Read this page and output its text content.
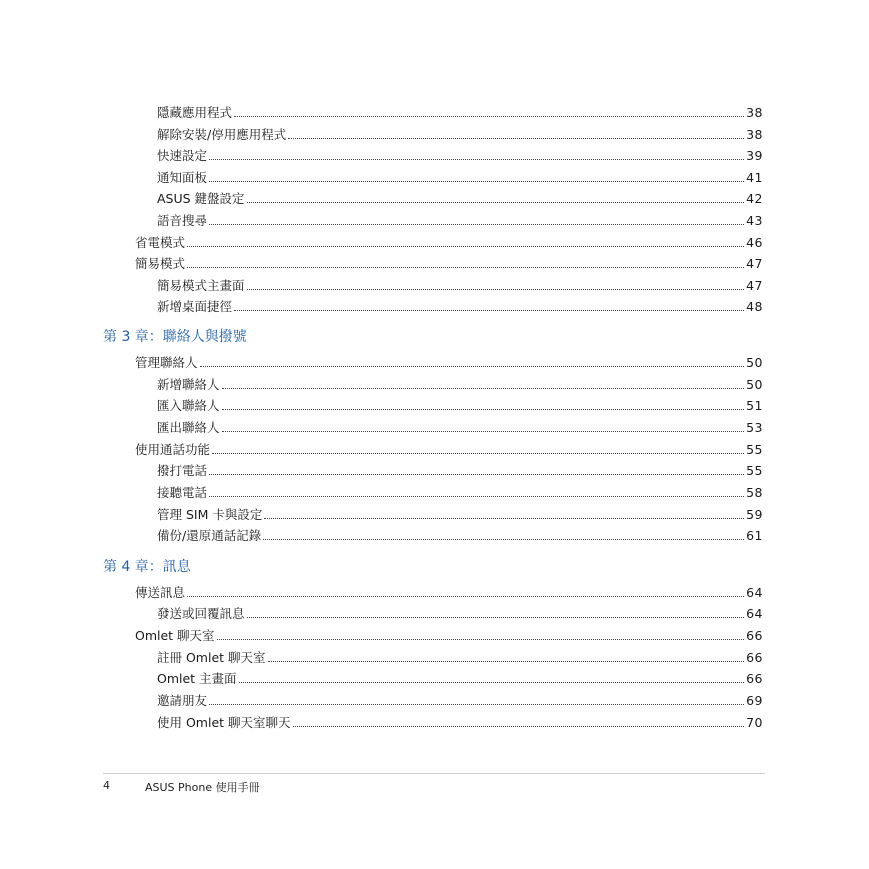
隱藏應用程式	38
解除安裝/停用應用程式	38
快速設定	39
通知面板	41
ASUS 鍵盤設定	42
語音搜尋	43
省電模式	46
簡易模式	47
簡易模式主畫面	47
新增桌面捷徑	48
第 3 章：聯絡人與撥號
管理聯絡人	50
新增聯絡人	50
匯入聯絡人	51
匯出聯絡人	53
使用通話功能	55
撥打電話	55
接聽電話	58
管理 SIM 卡與設定	59
備份/還原通話記錄	61
第 4 章：訊息
傳送訊息	64
發送或回覆訊息	64
Omlet 聊天室	66
註冊 Omlet 聊天室	66
Omlet 主畫面	66
邀請朋友	69
使用 Omlet 聊天室聊天	70
4	ASUS Phone 使用手冊
